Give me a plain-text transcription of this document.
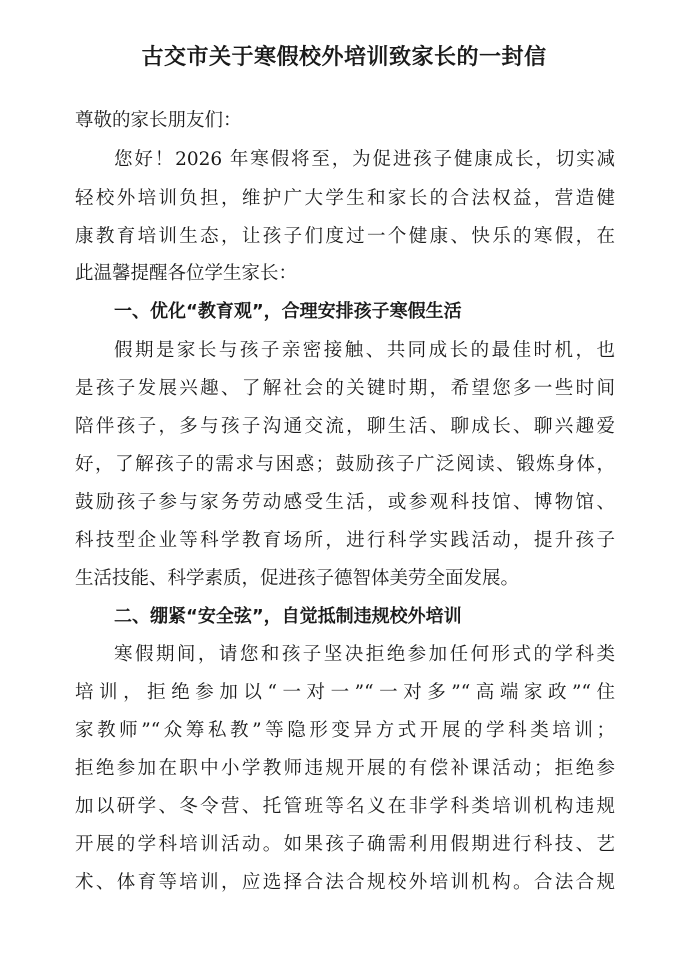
古交市关于寒假校外培训致家长的一封信
尊敬的家长朋友们：
您好！2026 年寒假将至，为促进孩子健康成长，切实减
轻校外培训负担，维护广大学生和家长的合法权益，营造健
康教育培训生态，让孩子们度过一个健康、快乐的寒假，在
此温馨提醒各位学生家长：
一、优化“教育观”，合理安排孩子寒假生活
假期是家长与孩子亲密接触、共同成长的最佳时机，也
是孩子发展兴趣、了解社会的关键时期，希望您多一些时间
陪伴孩子，多与孩子沟通交流，聊生活、聊成长、聊兴趣爱
好，了解孩子的需求与困惑；鼓励孩子广泛阅读、锻炼身体，
鼓励孩子参与家务劳动感受生活，或参观科技馆、博物馆、
科技型企业等科学教育场所，进行科学实践活动，提升孩子
生活技能、科学素质，促进孩子德智体美劳全面发展。
二、绷紧“安全弦”，自觉抵制违规校外培训
寒假期间，请您和孩子坚决拒绝参加任何形式的学科类
培训，拒绝参加以“一对一”“一对多”“高端家政”“住
家教师”“众筹私教”等隐形变异方式开展的学科类培训；
拒绝参加在职中小学教师违规开展的有偿补课活动；拒绝参
加以研学、冬令营、托管班等名义在非学科类培训机构违规
开展的学科培训活动。如果孩子确需利用假期进行科技、艺
术、体育等培训，应选择合法合规校外培训机构。合法合规
